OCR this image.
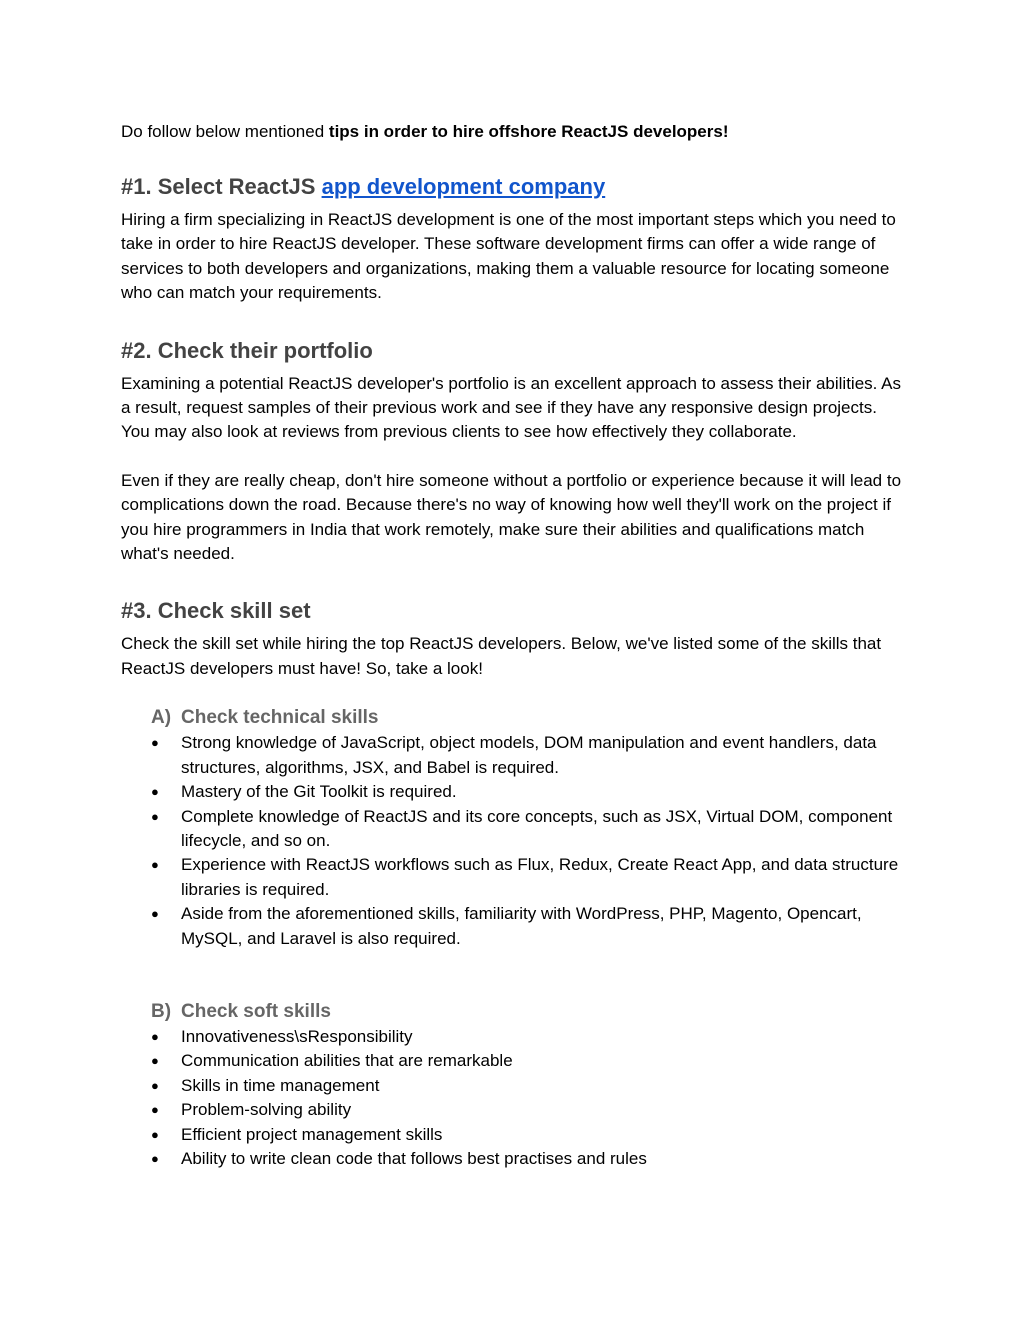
Do follow below mentioned tips in order to hire offshore ReactJS developers!

#1. Select ReactJS app development company

Hiring a firm specializing in ReactJS development is one of the most important steps which you need to take in order to hire ReactJS developer. These software development firms can offer a wide range of services to both developers and organizations, making them a valuable resource for locating someone who can match your requirements.

#2. Check their portfolio

Examining a potential ReactJS developer's portfolio is an excellent approach to assess their abilities. As a result, request samples of their previous work and see if they have any responsive design projects. You may also look at reviews from previous clients to see how effectively they collaborate.

Even if they are really cheap, don't hire someone without a portfolio or experience because it will lead to complications down the road. Because there's no way of knowing how well they'll work on the project if you hire programmers in India that work remotely, make sure their abilities and qualifications match what's needed.

#3. Check skill set

Check the skill set while hiring the top ReactJS developers. Below, we've listed some of the skills that ReactJS developers must have! So, take a look!

A) Check technical skills
● Strong knowledge of JavaScript, object models, DOM manipulation and event handlers, data structures, algorithms, JSX, and Babel is required.
● Mastery of the Git Toolkit is required.
● Complete knowledge of ReactJS and its core concepts, such as JSX, Virtual DOM, component lifecycle, and so on.
● Experience with ReactJS workflows such as Flux, Redux, Create React App, and data structure libraries is required.
● Aside from the aforementioned skills, familiarity with WordPress, PHP, Magento, Opencart, MySQL, and Laravel is also required.
B) Check soft skills
● Innovativeness\sResponsibility
● Communication abilities that are remarkable
● Skills in time management
● Problem-solving ability
● Efficient project management skills
● Ability to write clean code that follows best practises and rules
